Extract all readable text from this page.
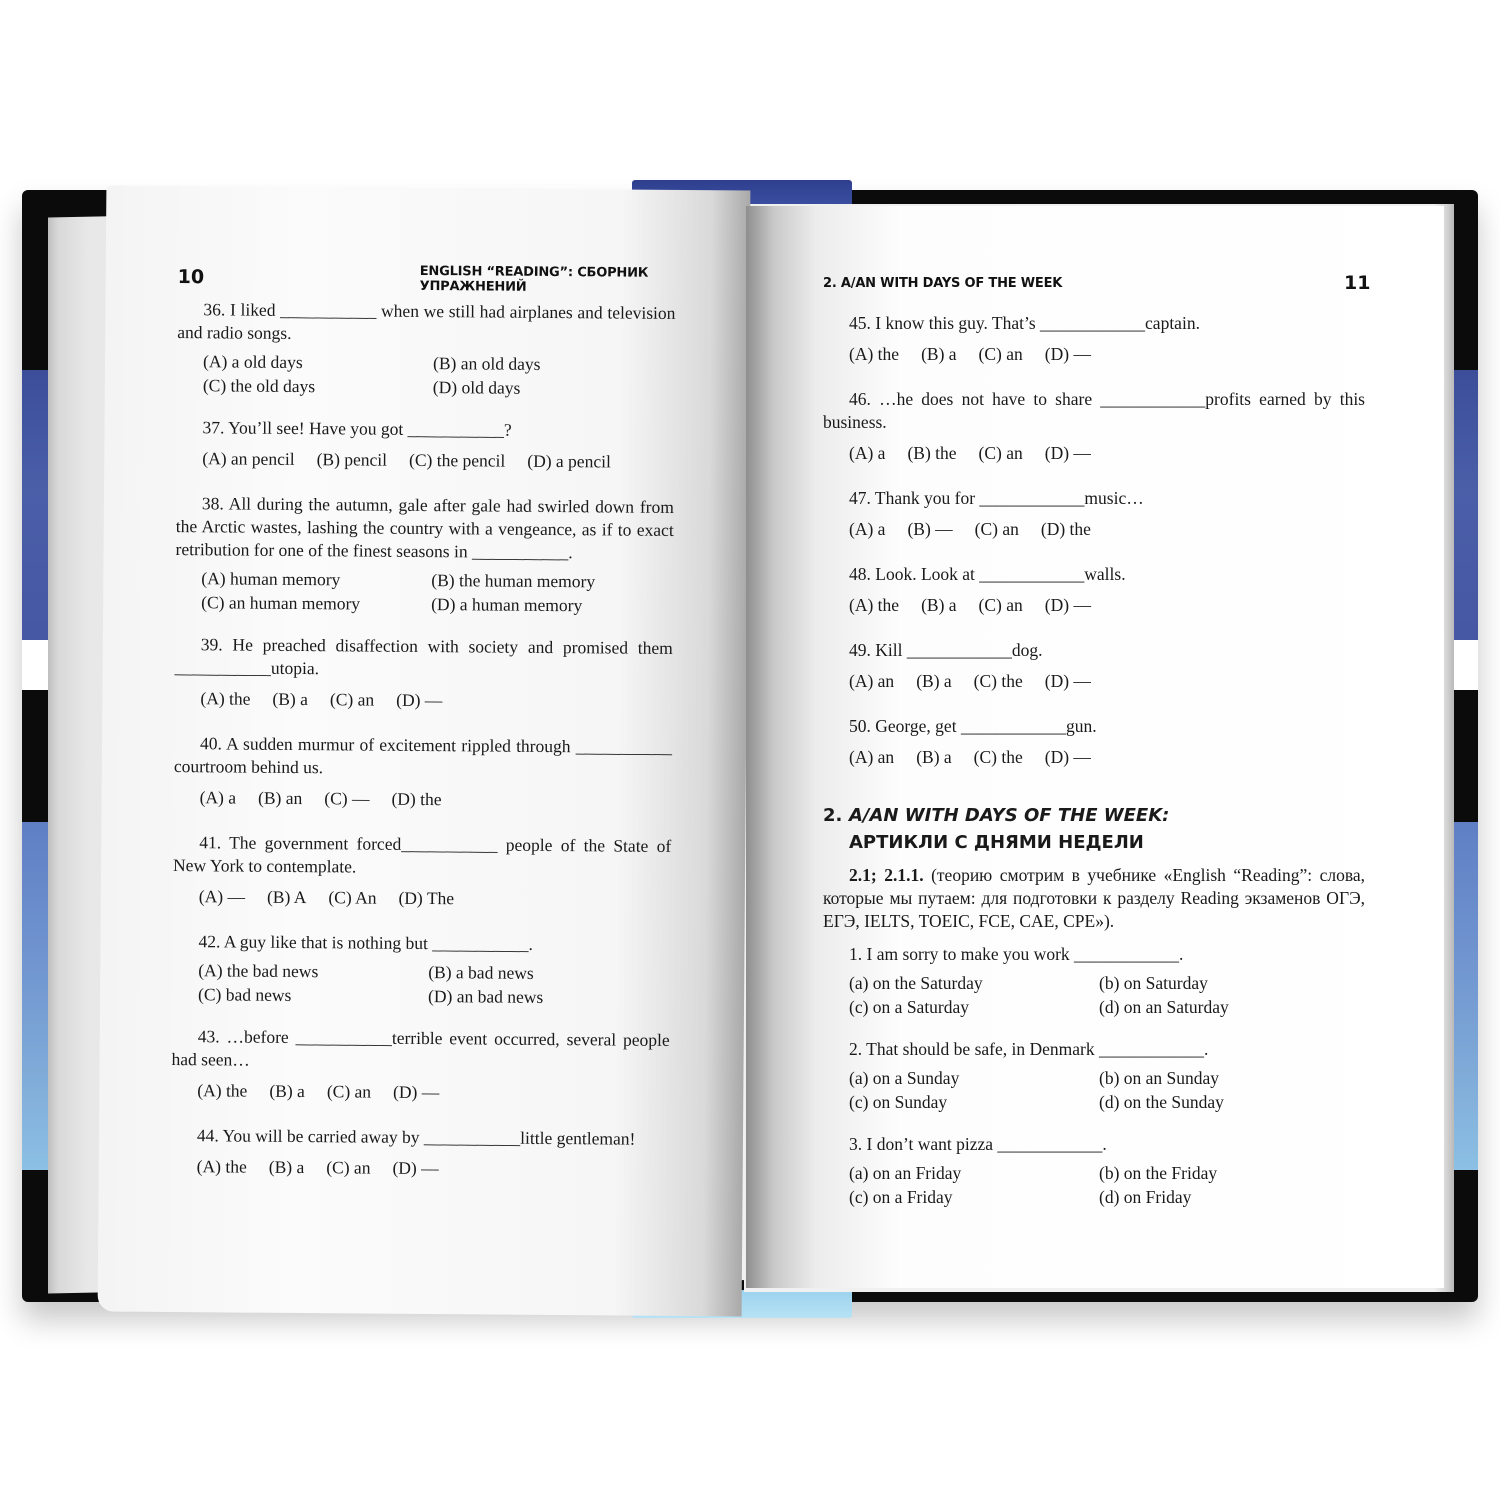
10	ENGLISH “READING”: СБОРНИК УПРАЖНЕНИЙ
36. I liked ___________ when we still had airplanes and television and radio songs.
(A) a old days	(B) an old days
(C) the old days	(D) old days
37. You’ll see! Have you got ___________?
(A) an pencil (B) pencil (C) the pencil (D) a pencil
38. All during the autumn, gale after gale had swirled down from the Arctic wastes, lashing the country with a vengeance, as if to exact retribution for one of the finest seasons in ___________.
(A) human memory	(B) the human memory
(C) an human memory	(D) a human memory
39. He preached disaffection with society and promised them ___________utopia.
(A) the (B) a (C) an (D) —
40. A sudden murmur of excitement rippled through ___________ courtroom behind us.
(A) a (B) an (C) — (D) the
41. The government forced___________ people of the State of New York to contemplate.
(A) — (B) A (C) An (D) The
42. A guy like that is nothing but ___________.
(A) the bad news	(B) a bad news
(C) bad news	(D) an bad news
43. …before ___________terrible event occurred, several people had seen…
(A) the (B) a (C) an (D) —
44. You will be carried away by ___________little gentleman!
(A) the (B) a (C) an (D) —
2. A/AN WITH DAYS OF THE WEEK	11
45. I know this guy. That’s ____________captain.
(A) the (B) a (C) an (D) —
46. …he does not have to share ____________profits earned by this business.
(A) a (B) the (C) an (D) —
47. Thank you for ____________music…
(A) a (B) — (C) an (D) the
48. Look. Look at ____________walls.
(A) the (B) a (C) an (D) —
49. Kill ____________dog.
(A) an (B) a (C) the (D) —
50. George, get ____________gun.
(A) an (B) a (C) the (D) —
2. A/AN WITH DAYS OF THE WEEK:
АРТИКЛИ С ДНЯМИ НЕДЕЛИ
2.1; 2.1.1. (теорию смотрим в учебнике «English “Reading”: слова, которые мы путаем: для подготовки к разделу Reading экзаменов ОГЭ, ЕГЭ, IELTS, TOEIC, FCE, CAE, CPE»).
1. I am sorry to make you work ____________.
(a) on the Saturday	(b) on Saturday
(c) on a Saturday	(d) on an Saturday
2. That should be safe, in Denmark ____________.
(a) on a Sunday	(b) on an Sunday
(c) on Sunday	(d) on the Sunday
3. I don’t want pizza ____________.
(a) on an Friday	(b) on the Friday
(c) on a Friday	(d) on Friday
